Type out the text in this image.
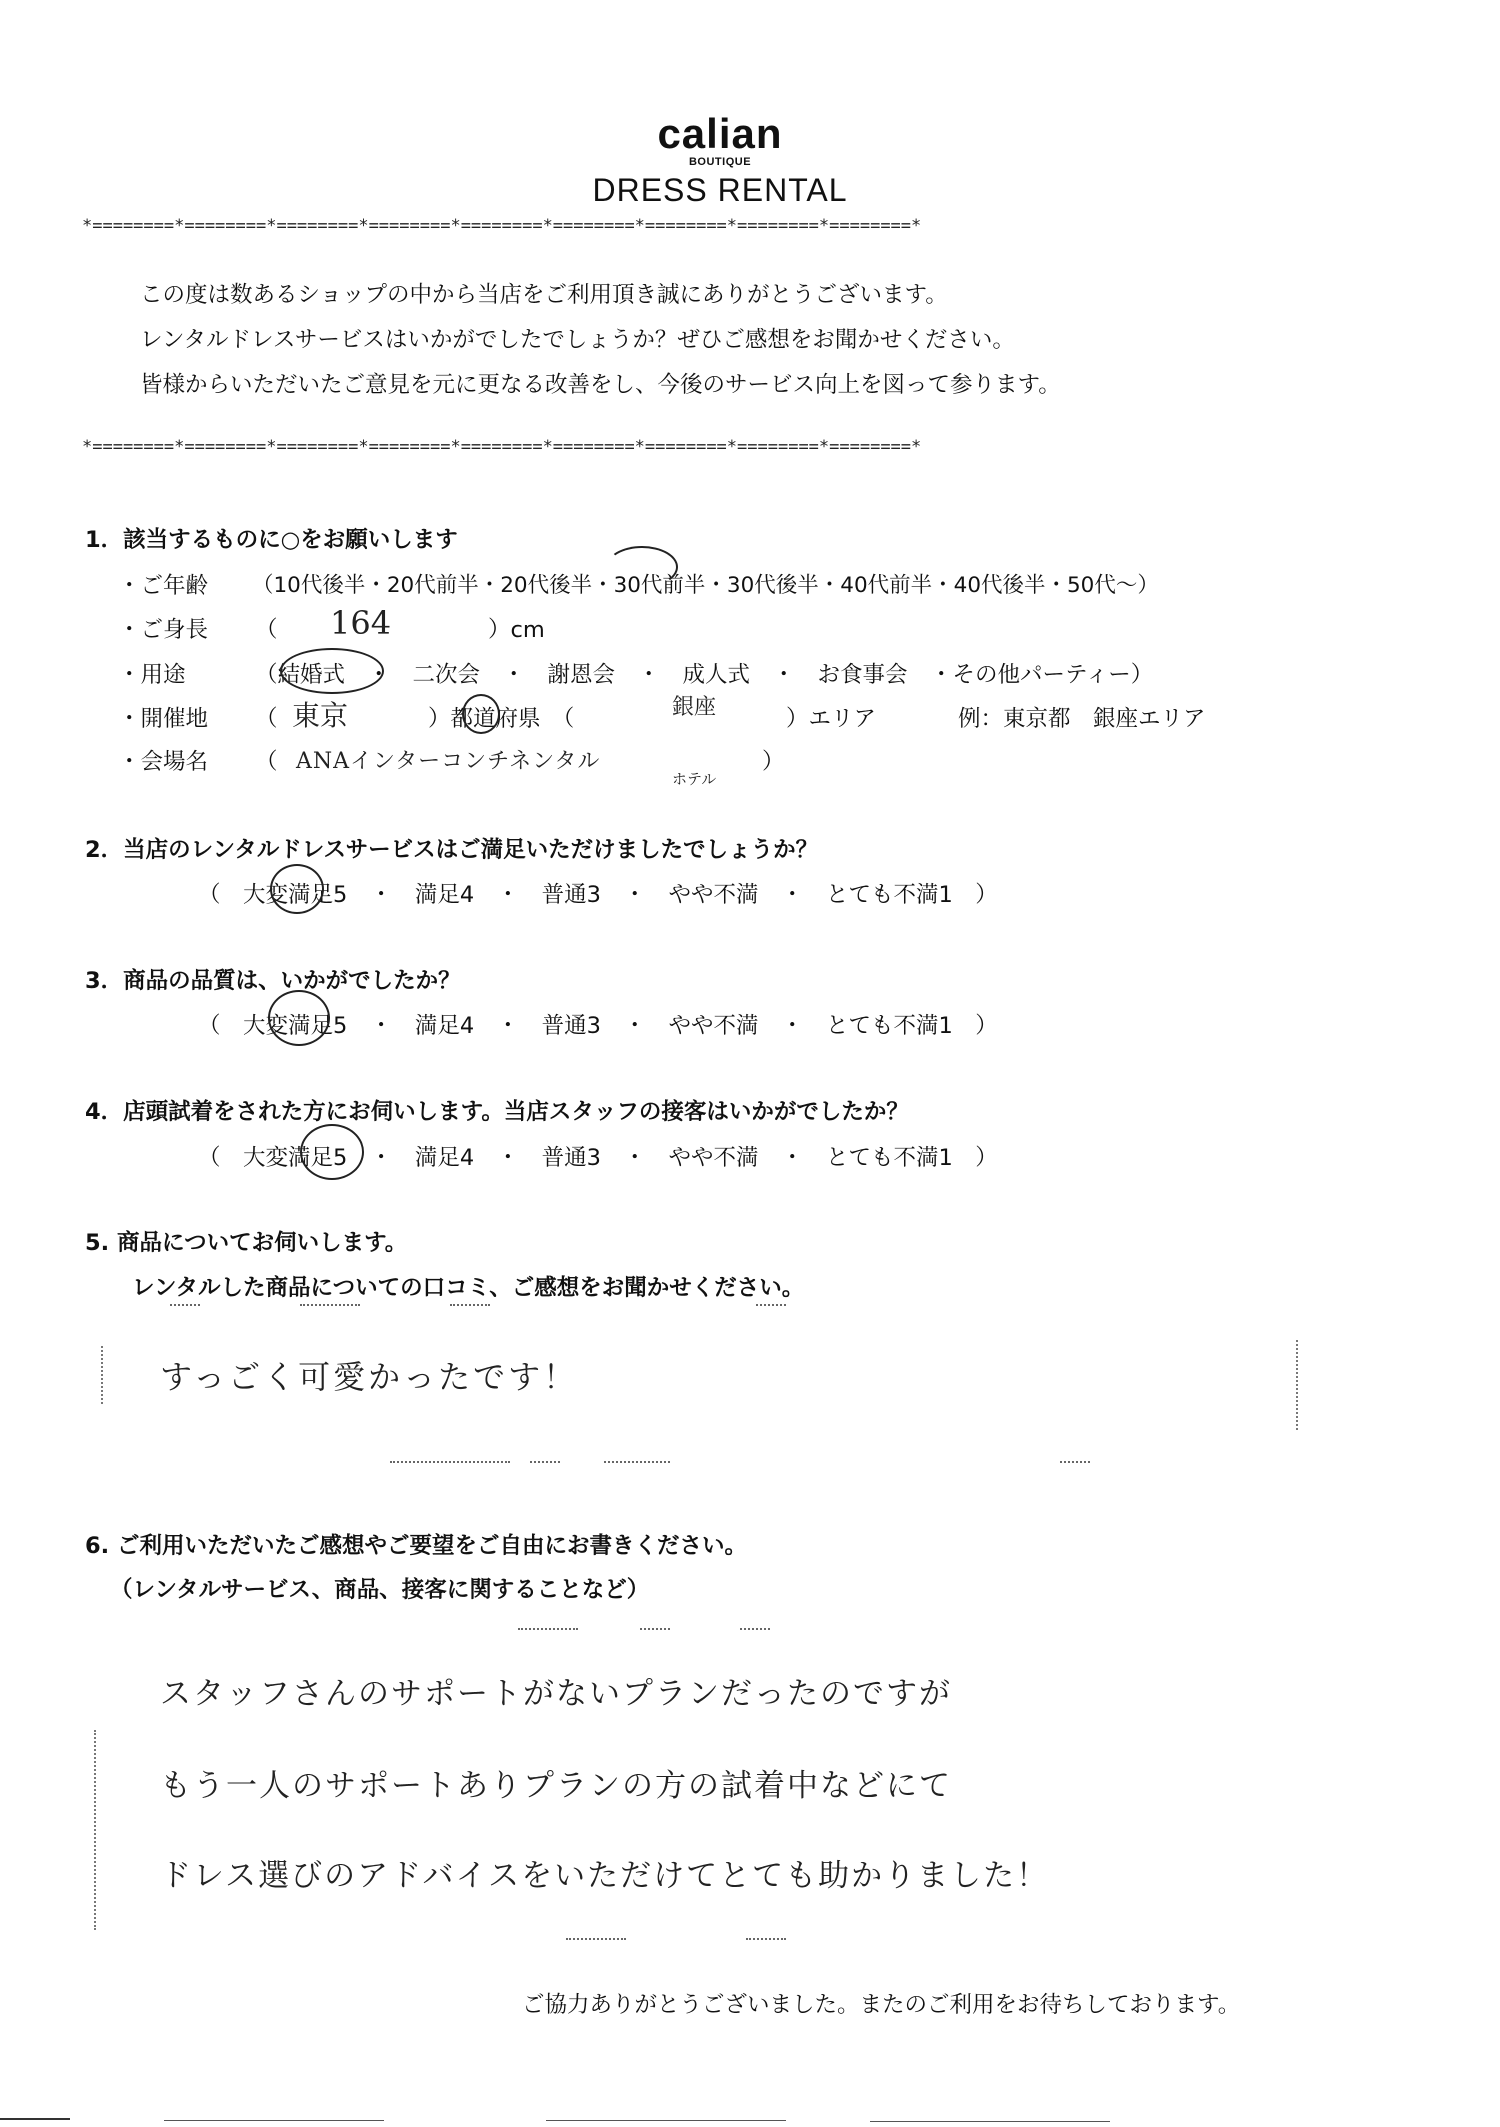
calian
BOUTIQUE
DRESS RENTAL
*========*========*========*========*========*========*========*========*========*
この度は数あるショップの中から当店をご利用頂き誠にありがとうございます。
レンタルドレスサービスはいかがでしたでしょうか？ぜひご感想をお聞かせください。
皆様からいただいたご意見を元に更なる改善をし、今後のサービス向上を図って参ります。
*========*========*========*========*========*========*========*========*========*
1．該当するものに○をお願いします
・ご年齢 （10代後半・20代前半・20代後半・30代前半・30代後半・40代前半・40代後半・50代～）
・ご身長 （ 164	）cm
・用途	（結婚式　・　二次会　・　謝恩会　・　成人式　・　お食事会　・その他パーティー）
・開催地 （ 東京	）都道府県　（	銀座	）エリア	例：東京都　銀座エリア
・会場名 （ ANAインターコンチネンタル
ホテル
）
2．当店のレンタルドレスサービスはご満足いただけましたでしょうか？
（　大変満足5　・　満足4　・　普通3　・　やや不満　・　とても不満1　）
3．商品の品質は、いかがでしたか？
（　大変満足5　・　満足4　・　普通3　・　やや不満　・　とても不満1　）
4．店頭試着をされた方にお伺いします。当店スタッフの接客はいかがでしたか？
（　大変満足5　・　満足4　・　普通3　・　やや不満　・　とても不満1　）
5. 商品についてお伺いします。
レンタルした商品についての口コミ、ご感想をお聞かせください。
すっごく可愛かったです！
6. ご利用いただいたご感想やご要望をご自由にお書きください。
（レンタルサービス、商品、接客に関することなど）
スタッフさんのサポートがないプランだったのですが
もう一人のサポートありプランの方の試着中などにて
ドレス選びのアドバイスをいただけてとても助かりました！
ご協力ありがとうございました。またのご利用をお待ちしております。
